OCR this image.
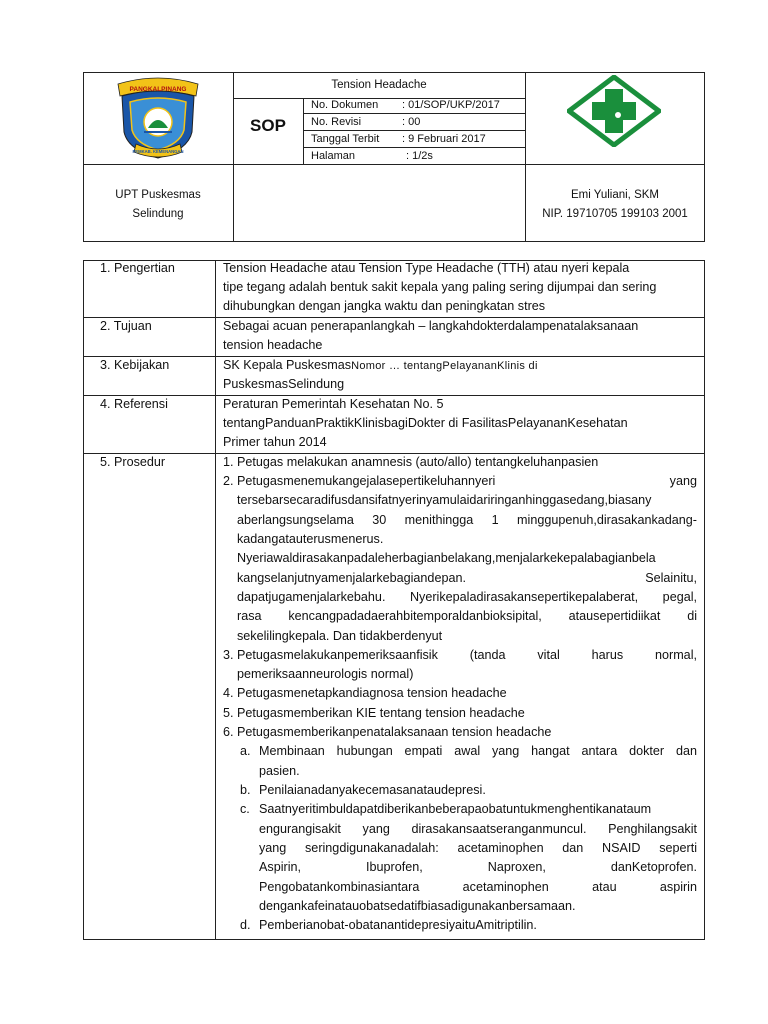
PANGKALPINANG
PEMKAB. KEMENANGAN
Tension Headache
SOP
No. Dokumen : 01/SOP/UKP/2017
No. Revisi	: 00
Tanggal Terbit : 9 Februari 2017
Halaman	: 1/2s
UPT Puskesmas
Selindung
Emi Yuliani, SKM
NIP. 19710705 199103 2001
1. Pengertian
2. Tujuan
3. Kebijakan
4. Referensi
5. Prosedur
Tension Headache atau Tension Type Headache (TTH) atau nyeri kepala
tipe tegang adalah bentuk sakit kepala yang paling sering dijumpai dan sering
dihubungkan dengan jangka waktu dan peningkatan stres
Sebagai acuan penerapanlangkah – langkahdokterdalampenatalaksanaan
tension headache
SK Kepala PuskesmasNomor … tentangPelayananKlinis di
PuskesmasSelindung
Peraturan Pemerintah Kesehatan No. 5
tentangPanduanPraktikKlinisbagiDokter di FasilitasPelayananKesehatan
Primer tahun 2014
1. Petugas melakukan anamnesis (auto/allo) tentangkeluhanpasien
2. Petugasmenemukangejalasepertikeluhannyeri yang
tersebarsecaradifusdansifatnyerinyamulaidariringanhinggasedang,biasany
aberlangsungselama 30 menithingga 1 minggupenuh,dirasakankadang-
kadangatauterusmenerus.
Nyeriawaldirasakanpadaleherbagianbelakang,menjalarkekepalabagianbela
kangselanjutnyamenjalarkebagiandepan. Selainitu,
dapatjugamenjalarkebahu. Nyerikepaladirasakansepertikepalaberat, pegal,
rasa kencangpadadaerahbitemporaldanbioksipital, atausepertidiikat di
sekelilingkepala. Dan tidakberdenyut
3. Petugasmelakukanpemeriksaanfisik (tanda vital harus normal,
pemeriksaanneurologis normal)
4. Petugasmenetapkandiagnosa tension headache
5. Petugasmemberikan KIE tentang tension headache
6. Petugasmemberikanpenatalaksanaan tension headache
a. Membinaan hubungan empati awal yang hangat antara dokter dan
pasien.
b. Penilaianadanyakecemasanataudepresi.
c. Saatnyeritimbuldapatdiberikanbeberapaobatuntukmenghentikanataum
engurangisakit yang dirasakansaatseranganmuncul. Penghilangsakit
yang seringdigunakanadalah: acetaminophen dan NSAID seperti
Aspirin, Ibuprofen, Naproxen, danKetoprofen.
Pengobatankombinasiantara acetaminophen atau aspirin
dengankafeinatauobatsedatifbiasadigunakanbersamaan.
d. Pemberianobat-obatanantidepresiyaituAmitriptilin.
